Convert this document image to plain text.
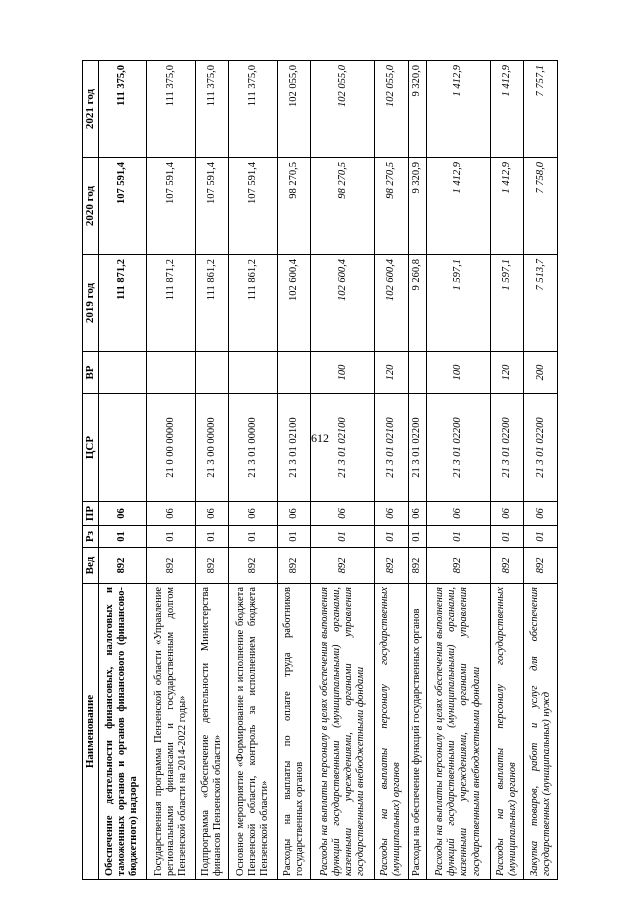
612
Наименование	Вед	Рз	ПР	ЦСР	ВР	2019 год	2020 год	2021 год
Обеспечение деятельности финансовых, налоговых и таможенных органов и органов финансового (финансово-бюджетного) надзора	892	01	06			111 871,2	107 591,4	111 375,0
Государственная программа Пензенской области «Управление региональными финансами и государственным долгом Пензенской области на 2014-2022 годы»	892	01	06	21 0 00 00000		111 871,2	107 591,4	111 375,0
Подпрограмма «Обеспечение деятельности Министерства финансов Пензенской области»	892	01	06	21 3 00 00000		111 861,2	107 591,4	111 375,0
Основное мероприятие «Формирование и исполнение бюджета Пензенской области, контроль за исполнением бюджета Пензенской области»	892	01	06	21 3 01 00000		111 861,2	107 591,4	111 375,0
Расходы на выплаты по оплате труда работников государственных органов	892	01	06	21 3 01 02100		102 600,4	98 270,5	102 055,0
Расходы на выплаты персоналу в целях обеспечения выполнения функций государственными (муниципальными) органами, казенными учреждениями, органами управления государственными внебюджетными фондами	892	01	06	21 3 01 02100	100	102 600,4	98 270,5	102 055,0
Расходы на выплаты персоналу государственных (муниципальных) органов	892	01	06	21 3 01 02100	120	102 600,4	98 270,5	102 055,0
Расходы на обеспечение функций государственных органов	892	01	06	21 3 01 02200		9 260,8	9 320,9	9 320,0
Расходы на выплаты персоналу в целях обеспечения выполнения функций государственными (муниципальными) органами, казенными учреждениями, органами управления государственными внебюджетными фондами	892	01	06	21 3 01 02200	100	1 597,1	1 412,9	1 412,9
Расходы на выплаты персоналу государственных (муниципальных) органов	892	01	06	21 3 01 02200	120	1 597,1	1 412,9	1 412,9
Закупка товаров, работ и услуг для обеспечения государственных (муниципальных) нужд	892	01	06	21 3 01 02200	200	7 513,7	7 758,0	7 757,1
